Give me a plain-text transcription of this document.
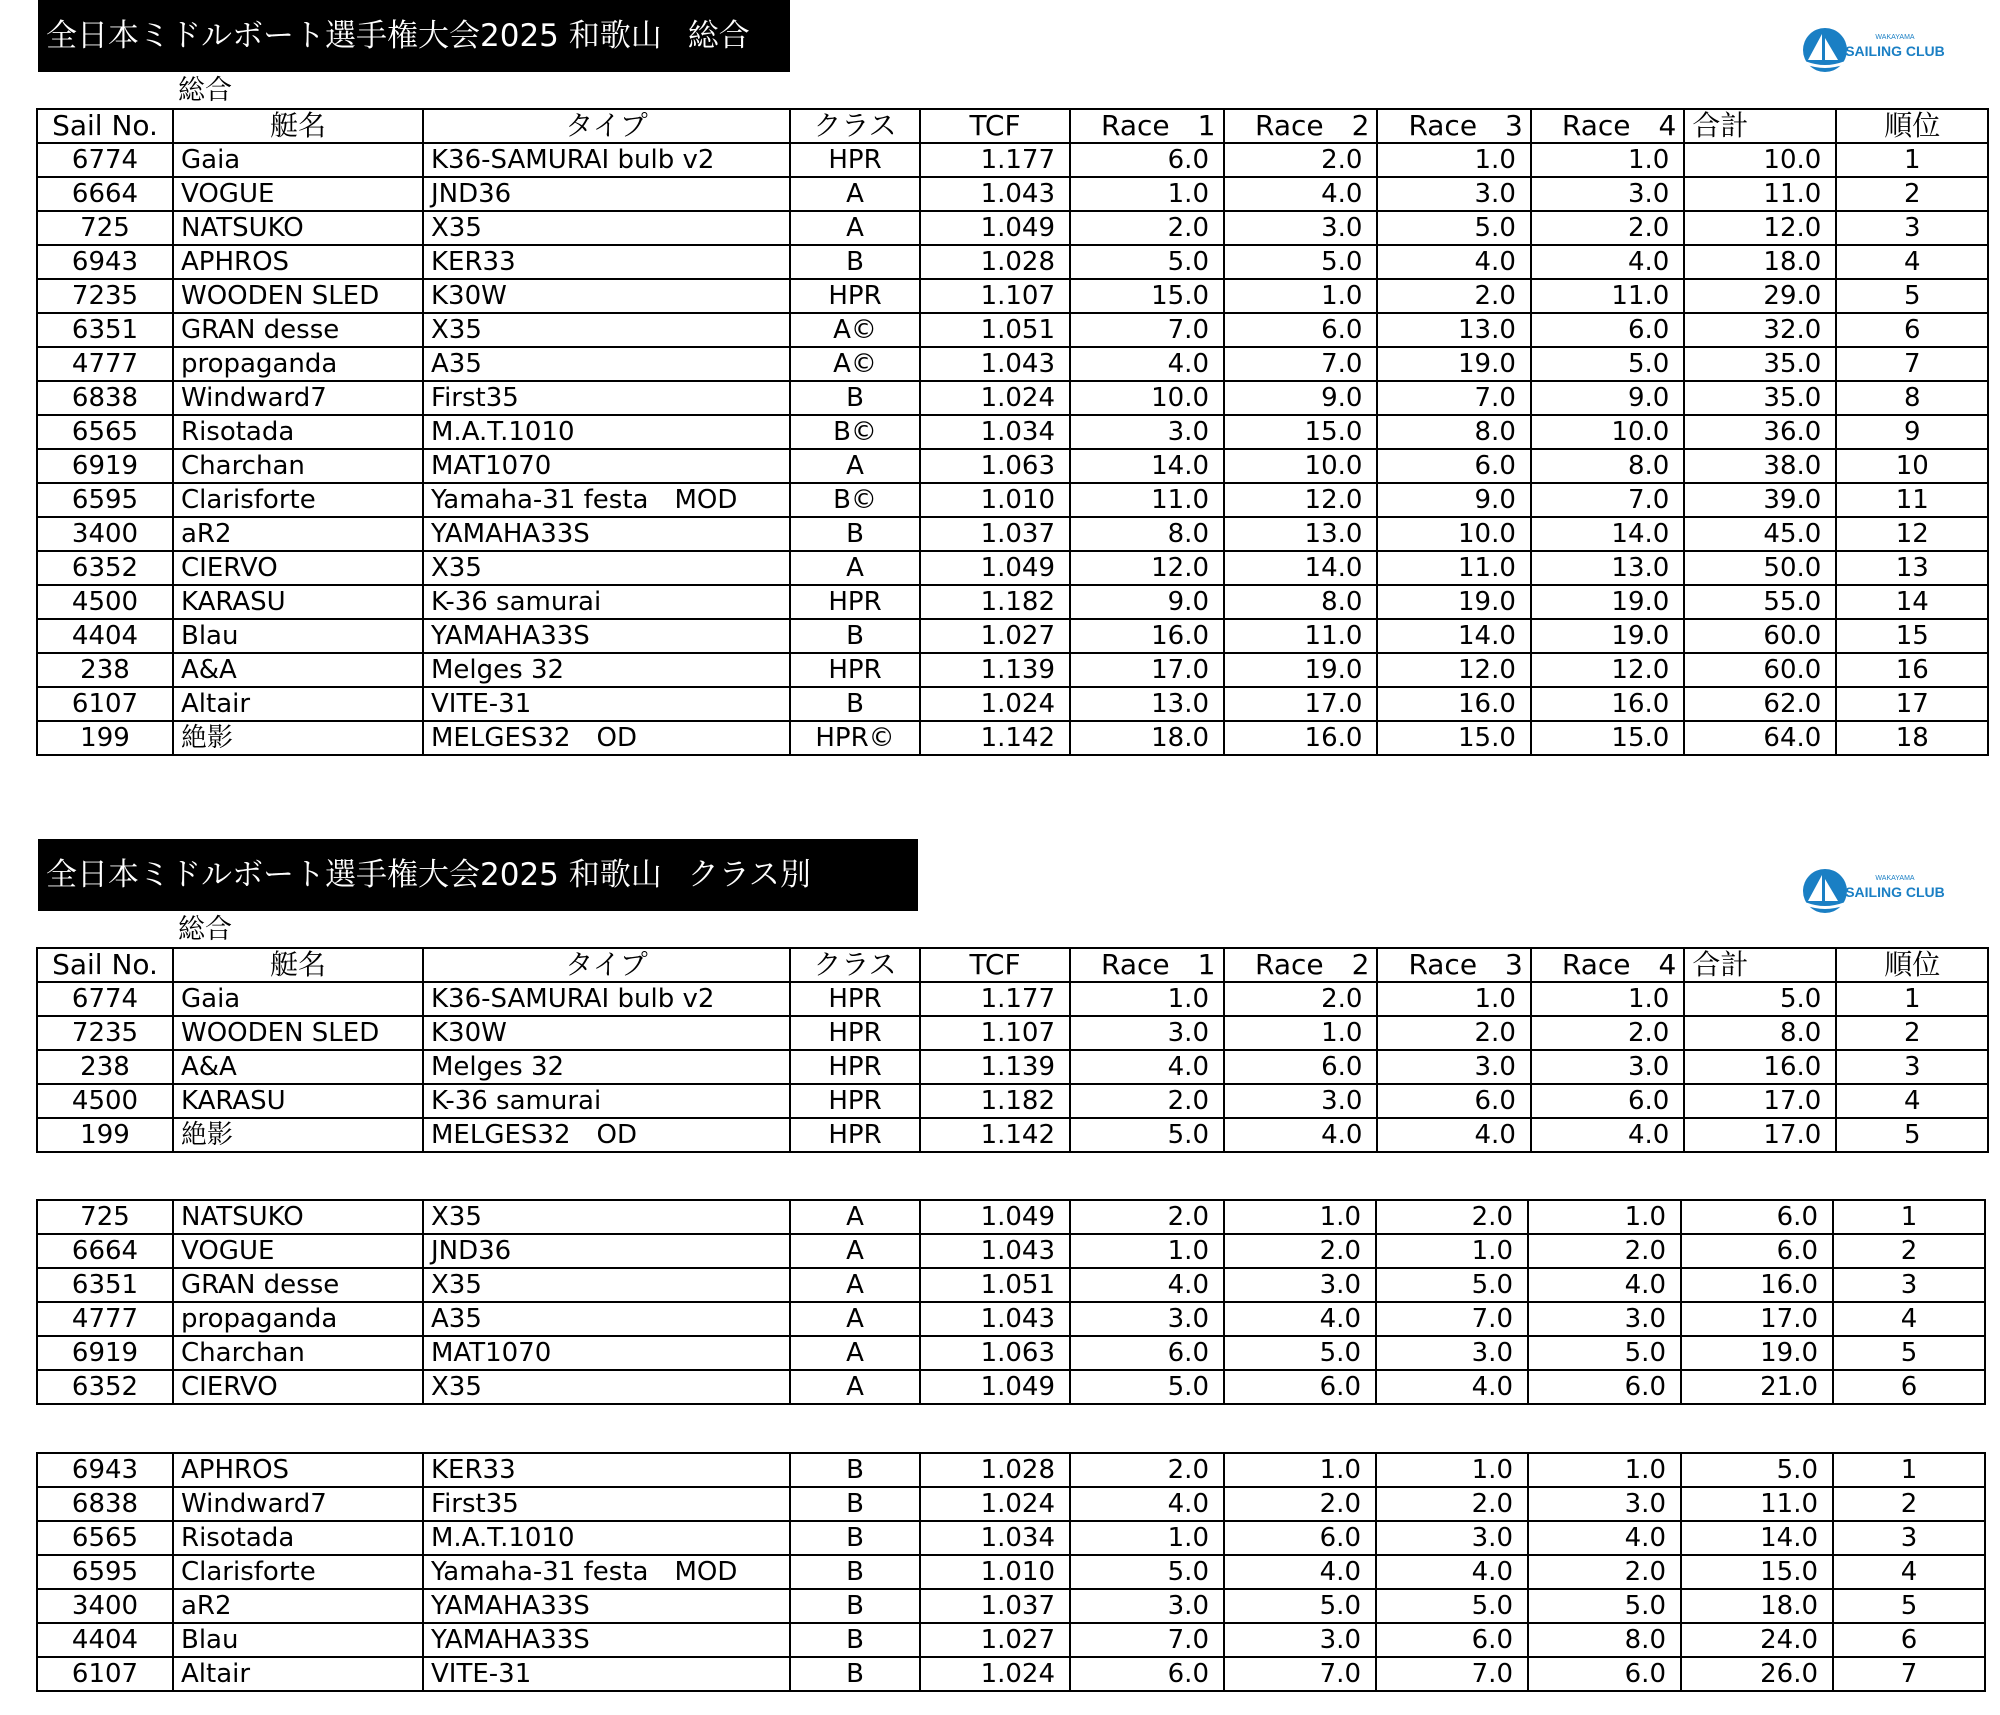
全日本ミドルボート選手権大会2025 和歌山 総合	WAKAYAMA
SAILING CLUB
総合
Sail No.	艇名	タイプ	クラス	TCF	Race　1	Race　2	Race　3	Race　4	合計	順位
6774	Gaia	K36-SAMURAI bulb v2	HPR	1.177	6.0	2.0	1.0	1.0	10.0	1
6664	VOGUE	JND36	A	1.043	1.0	4.0	3.0	3.0	11.0	2
725	NATSUKO	X35	A	1.049	2.0	3.0	5.0	2.0	12.0	3
6943	APHROS	KER33	B	1.028	5.0	5.0	4.0	4.0	18.0	4
7235	WOODEN SLED	K30W	HPR	1.107	15.0	1.0	2.0	11.0	29.0	5
6351	GRAN desse	X35	A©	1.051	7.0	6.0	13.0	6.0	32.0	6
4777	propaganda	A35	A©	1.043	4.0	7.0	19.0	5.0	35.0	7
6838	Windward7	First35	B	1.024	10.0	9.0	7.0	9.0	35.0	8
6565	Risotada	M.A.T.1010	B©	1.034	3.0	15.0	8.0	10.0	36.0	9
6919	Charchan	MAT1070	A	1.063	14.0	10.0	6.0	8.0	38.0	10
6595	Clarisforte	Yamaha-31 festa　MOD	B©	1.010	11.0	12.0	9.0	7.0	39.0	11
3400	aR2	YAMAHA33S	B	1.037	8.0	13.0	10.0	14.0	45.0	12
6352	CIERVO	X35	A	1.049	12.0	14.0	11.0	13.0	50.0	13
4500	KARASU	K-36 samurai	HPR	1.182	9.0	8.0	19.0	19.0	55.0	14
4404	Blau	YAMAHA33S	B	1.027	16.0	11.0	14.0	19.0	60.0	15
238	A&A	Melges 32	HPR	1.139	17.0	19.0	12.0	12.0	60.0	16
6107	Altair	VITE-31	B	1.024	13.0	17.0	16.0	16.0	62.0	17
199	絶影	MELGES32　OD	HPR©	1.142	18.0	16.0	15.0	15.0	64.0	18
全日本ミドルボート選手権大会2025 和歌山 クラス別	WAKAYAMA
SAILING CLUB
総合
Sail No.	艇名	タイプ	クラス	TCF	Race　1	Race　2	Race　3	Race　4	合計	順位
6774	Gaia	K36-SAMURAI bulb v2	HPR	1.177	1.0	2.0	1.0	1.0	5.0	1
7235	WOODEN SLED	K30W	HPR	1.107	3.0	1.0	2.0	2.0	8.0	2
238	A&A	Melges 32	HPR	1.139	4.0	6.0	3.0	3.0	16.0	3
4500	KARASU	K-36 samurai	HPR	1.182	2.0	3.0	6.0	6.0	17.0	4
199	絶影	MELGES32　OD	HPR	1.142	5.0	4.0	4.0	4.0	17.0	5
725	NATSUKO	X35	A	1.049	2.0	1.0	2.0	1.0	6.0	1
6664	VOGUE	JND36	A	1.043	1.0	2.0	1.0	2.0	6.0	2
6351	GRAN desse	X35	A	1.051	4.0	3.0	5.0	4.0	16.0	3
4777	propaganda	A35	A	1.043	3.0	4.0	7.0	3.0	17.0	4
6919	Charchan	MAT1070	A	1.063	6.0	5.0	3.0	5.0	19.0	5
6352	CIERVO	X35	A	1.049	5.0	6.0	4.0	6.0	21.0	6
6943	APHROS	KER33	B	1.028	2.0	1.0	1.0	1.0	5.0	1
6838	Windward7	First35	B	1.024	4.0	2.0	2.0	3.0	11.0	2
6565	Risotada	M.A.T.1010	B	1.034	1.0	6.0	3.0	4.0	14.0	3
6595	Clarisforte	Yamaha-31 festa　MOD	B	1.010	5.0	4.0	4.0	2.0	15.0	4
3400	aR2	YAMAHA33S	B	1.037	3.0	5.0	5.0	5.0	18.0	5
4404	Blau	YAMAHA33S	B	1.027	7.0	3.0	6.0	8.0	24.0	6
6107	Altair	VITE-31	B	1.024	6.0	7.0	7.0	6.0	26.0	7
